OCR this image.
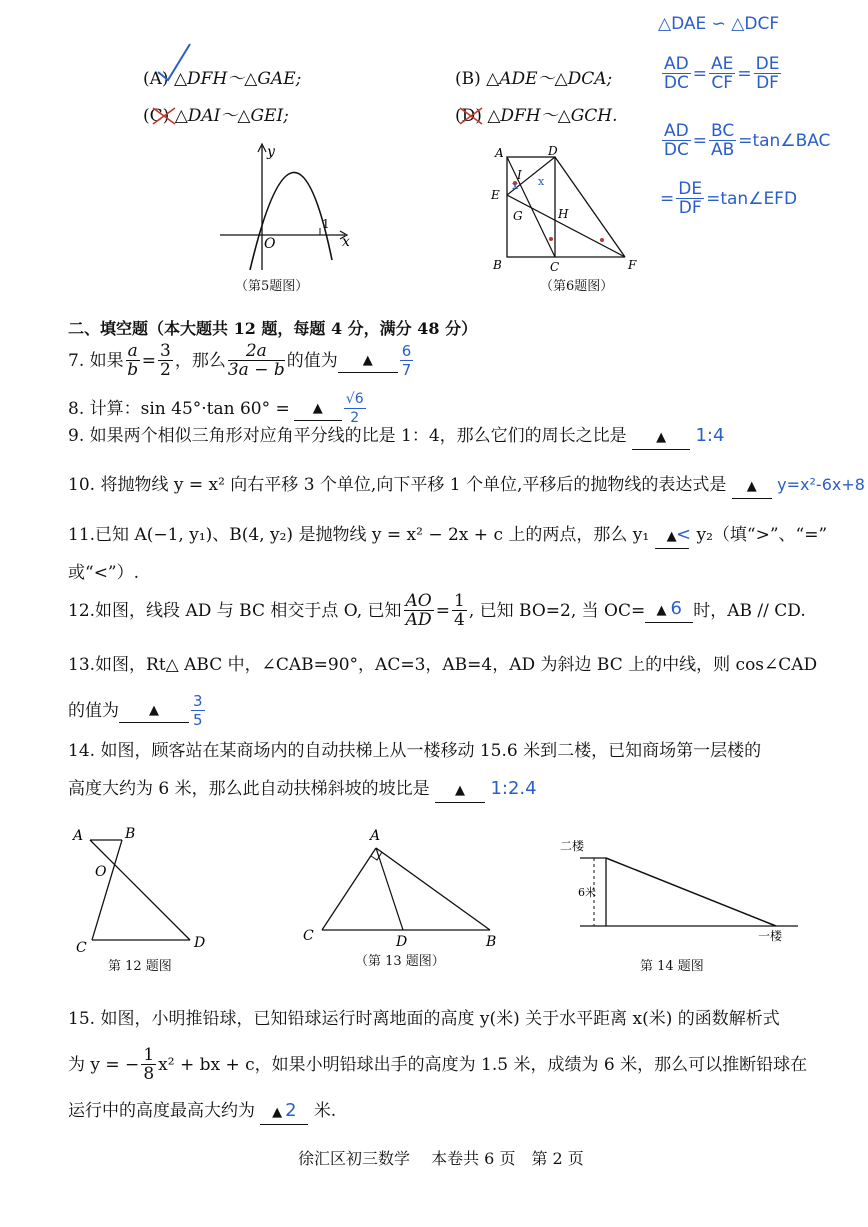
(A) △DFH～△GAE;	(B) △ADE～△DCA;
(C) △DAI～△GEI;	(D) △DFH～△GCH.
y
x
O
1
（第5题图）
A	D
E
I
G	H
B	C	F
x x
（第6题图）
△DAE ∽ △DCF
$\frac{AD}{DC} = \frac{AE}{CF} = \frac{DE}{DF}$
$\frac{AD}{DC} = \frac{BC}{AB}$ = tan∠BAC
= $\frac{DE}{DF}$ = tan∠EFD
二、填空题（本大题共 12 题，每题 4 分，满分 48 分）
7. 如果 $\frac{a}{b} = \frac{3}{2}$ ，那么 $\frac{2a}{3a - b}$ 的值为	▲	$\frac{6}{7}$
8. 计算：sin 45°·tan 60° =	▲	$\frac{√6}{2}$
9. 如果两个相似三角形对应角平分线的比是 1：4，那么它们的周长之比是 ▲ 1:4
10. 将抛物线 y = x² 向右平移 3 个单位,向下平移 1 个单位,平移后的抛物线的表达式是 ▲ y=x²-6x+8
11.已知 A(−1, y₁)、B(4, y₂) 是抛物线 y = x² − 2x + c 上的两点，那么 y₁ ▲ < y₂（填“>”、“=”
或“<”）.
12.如图，线段 AD 与 BC 相交于点 O, 已知 $\frac{AO}{AD} = \frac{1}{4}$ , 已知 BO=2, 当 OC= ▲ 6 时，AB // CD.
13.如图，Rt△ ABC 中，∠CAB=90°，AC=3，AB=4，AD 为斜边 BC 上的中线，则 cos∠CAD
的值为	▲	$\frac{3}{5}$
14. 如图，顾客站在某商场内的自动扶梯上从一楼移动 15.6 米到二楼，已知商场第一层楼的
高度大约为 6 米，那么此自动扶梯斜坡的坡比是 ▲ 1:2.4
A	B
O
C	D
第 12 题图
A
C	D	B
（第 13 题图）
二楼
6米
一楼
第 14 题图
15. 如图，小明推铅球，已知铅球运行时离地面的高度 y(米) 关于水平距离 x(米) 的函数解析式
为 y = − $\frac{1}{8} x^2$ + bx + c，如果小明铅球出手的高度为 1.5 米，成绩为 6 米，那么可以推断铅球在
运行中的高度最高大约为 ▲ 2 米.
徐汇区初三数学　 本卷共 6 页　第 2 页
